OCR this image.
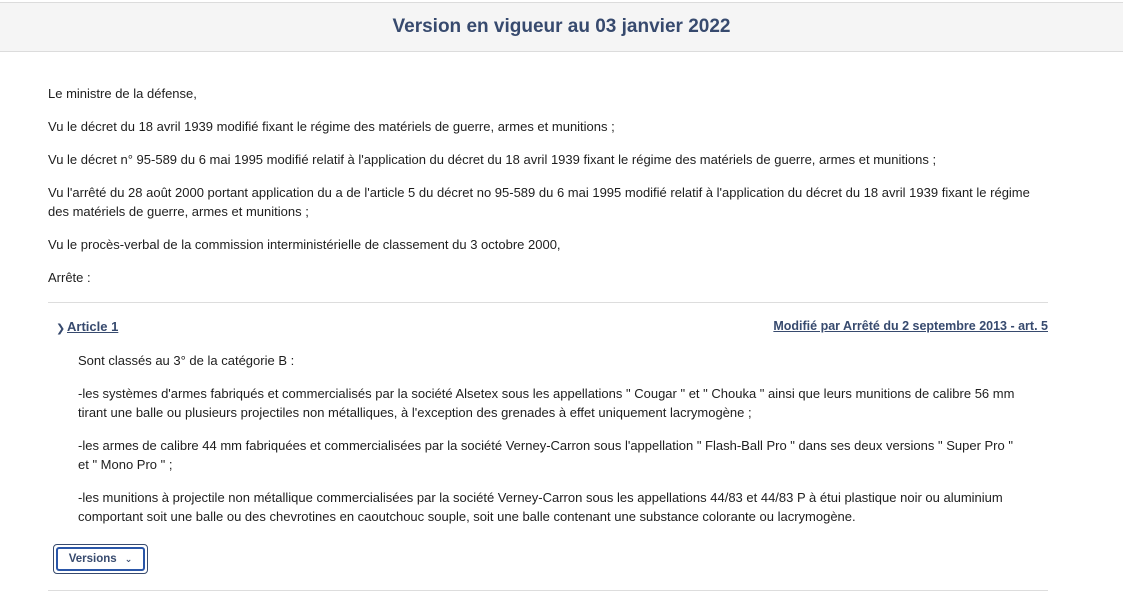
Version en vigueur au 03 janvier 2022

Le ministre de la défense,

Vu le décret du 18 avril 1939 modifié fixant le régime des matériels de guerre, armes et munitions ;

Vu le décret n° 95-589 du 6 mai 1995 modifié relatif à l'application du décret du 18 avril 1939 fixant le régime des matériels de guerre, armes et munitions ;

Vu l'arrêté du 28 août 2000 portant application du a de l'article 5 du décret no 95-589 du 6 mai 1995 modifié relatif à l'application du décret du 18 avril 1939 fixant le régime des matériels de guerre, armes et munitions ;

Vu le procès-verbal de la commission interministérielle de classement du 3 octobre 2000,

Arrête :

❯ Article 1	Modifié par Arrêté du 2 septembre 2013 - art. 5

Sont classés au 3° de la catégorie B :

-les systèmes d'armes fabriqués et commercialisés par la société Alsetex sous les appellations " Cougar " et " Chouka " ainsi que leurs munitions de calibre 56 mm tirant une balle ou plusieurs projectiles non métalliques, à l'exception des grenades à effet uniquement lacrymogène ;

-les armes de calibre 44 mm fabriquées et commercialisées par la société Verney-Carron sous l'appellation " Flash-Ball Pro " dans ses deux versions " Super Pro " et " Mono Pro " ;

-les munitions à projectile non métallique commercialisées par la société Verney-Carron sous les appellations 44/83 et 44/83 P à étui plastique noir ou aluminium comportant soit une balle ou des chevrotines en caoutchouc souple, soit une balle contenant une substance colorante ou lacrymogène.

Versions ⌄
